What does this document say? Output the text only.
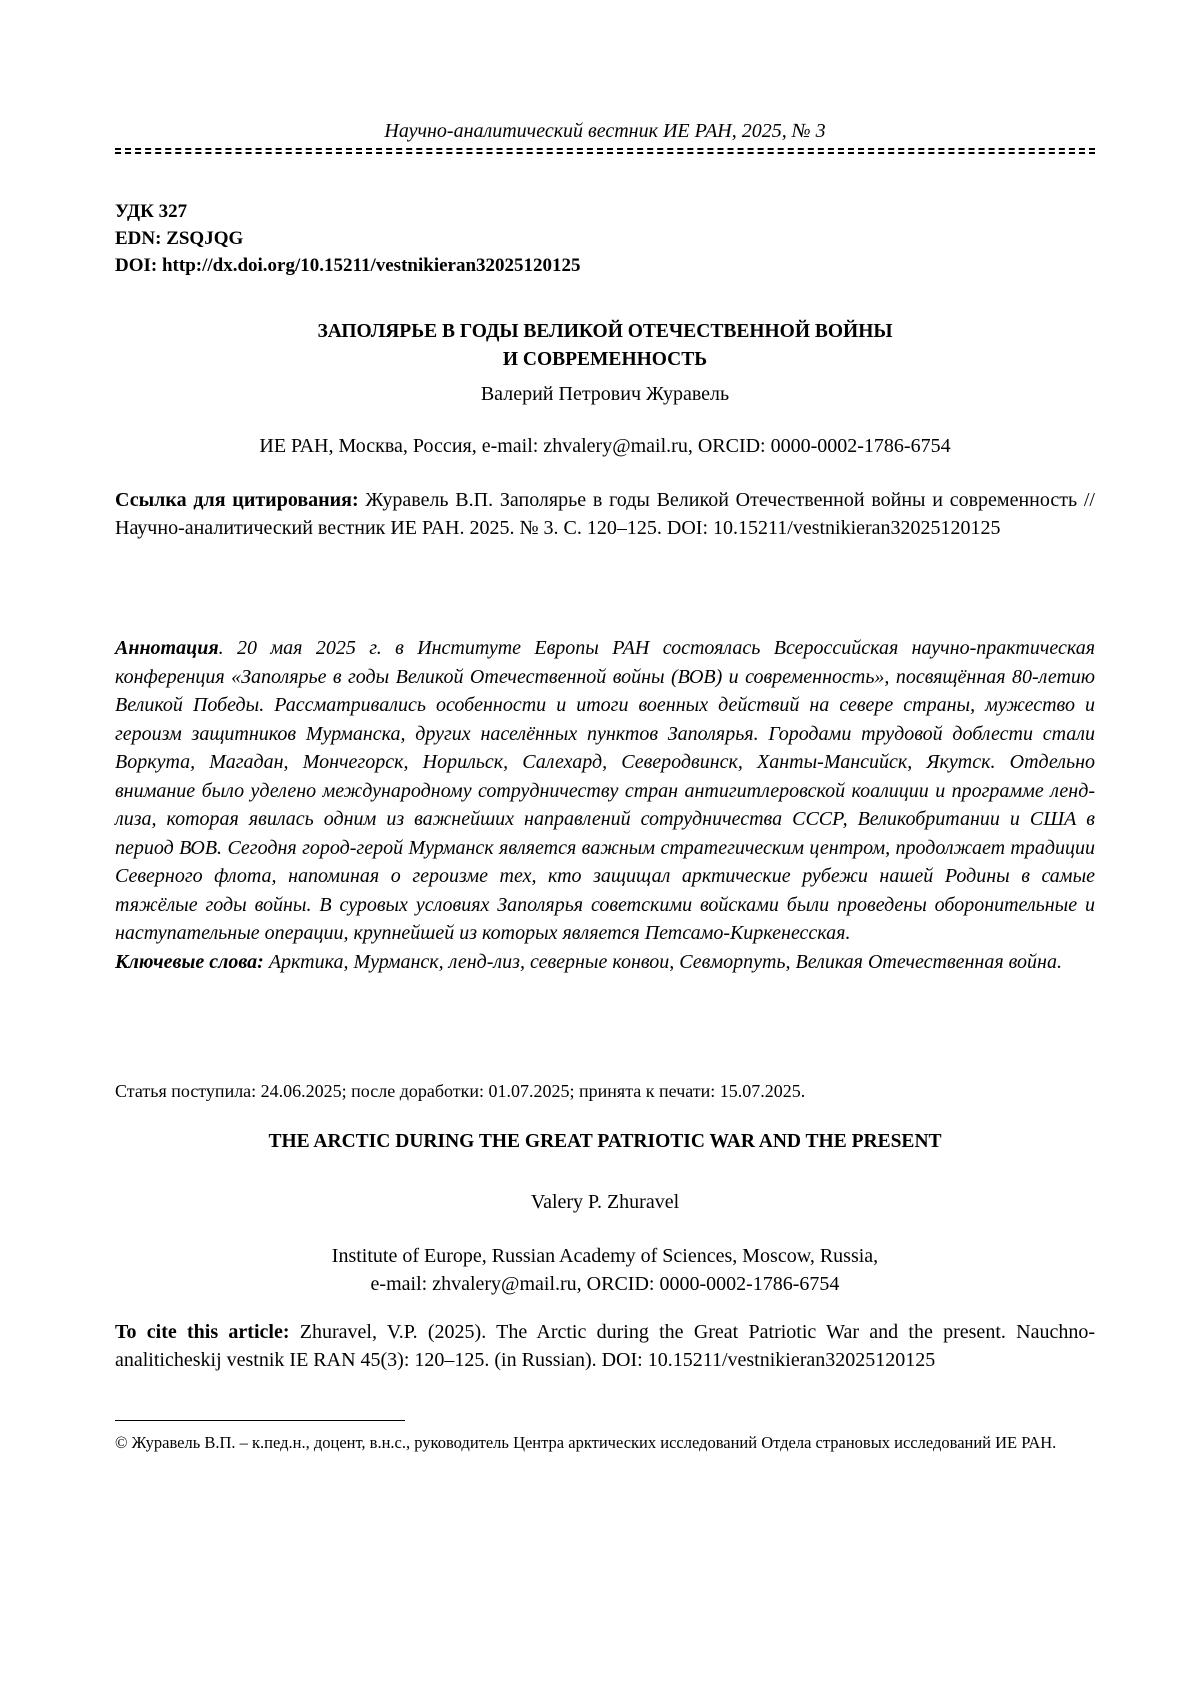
Научно-аналитический вестник ИЕ РАН, 2025, № 3
УДК 327
EDN: ZSQJQG
DOI: http://dx.doi.org/10.15211/vestnikieran32025120125
ЗАПОЛЯРЬЕ В ГОДЫ ВЕЛИКОЙ ОТЕЧЕСТВЕННОЙ ВОЙНЫ
И СОВРЕМЕННОСТЬ
Валерий Петрович Журавель
ИЕ РАН, Москва, Россия, e-mail: zhvalery@mail.ru, ORCID: 0000-0002-1786-6754
Ссылка для цитирования: Журавель В.П. Заполярье в годы Великой Отечественной войны и современность // Научно-аналитический вестник ИЕ РАН. 2025. № 3. С. 120–125. DOI: 10.15211/vestnikieran32025120125
Аннотация. 20 мая 2025 г. в Институте Европы РАН состоялась Всероссийская научно-практическая конференция «Заполярье в годы Великой Отечественной войны (ВОВ) и современность», посвящённая 80-летию Великой Победы. Рассматривались особенности и итоги военных действий на севере страны, мужество и героизм защитников Мурманска, других населённых пунктов Заполярья. Городами трудовой доблести стали Воркута, Магадан, Мончегорск, Норильск, Салехард, Северодвинск, Ханты-Мансийск, Якутск. Отдельно внимание было уделено международному сотрудничеству стран антигитлеровской коалиции и программе ленд-лиза, которая явилась одним из важнейших направлений сотрудничества СССР, Великобритании и США в период ВОВ. Сегодня город-герой Мурманск является важным стратегическим центром, продолжает традиции Северного флота, напоминая о героизме тех, кто защищал арктические рубежи нашей Родины в самые тяжёлые годы войны. В суровых условиях Заполярья советскими войсками были проведены оборонительные и наступательные операции, крупнейшей из которых является Петсамо-Киркенесская.
Ключевые слова: Арктика, Мурманск, ленд-лиз, северные конвои, Севморпуть, Великая Отечественная война.
Статья поступила: 24.06.2025; после доработки: 01.07.2025; принята к печати: 15.07.2025.
THE ARCTIC DURING THE GREAT PATRIOTIC WAR AND THE PRESENT
Valery P. Zhuravel
Institute of Europe, Russian Academy of Sciences, Moscow, Russia,
e-mail: zhvalery@mail.ru, ORCID: 0000-0002-1786-6754
To cite this article: Zhuravel, V.P. (2025). The Arctic during the Great Patriotic War and the present. Nauchno-analiticheskij vestnik IE RAN 45(3): 120–125. (in Russian). DOI: 10.15211/vestnikieran32025120125
© Журавель В.П. – к.пед.н., доцент, в.н.с., руководитель Центра арктических исследований Отдела страновых исследований ИЕ РАН.
